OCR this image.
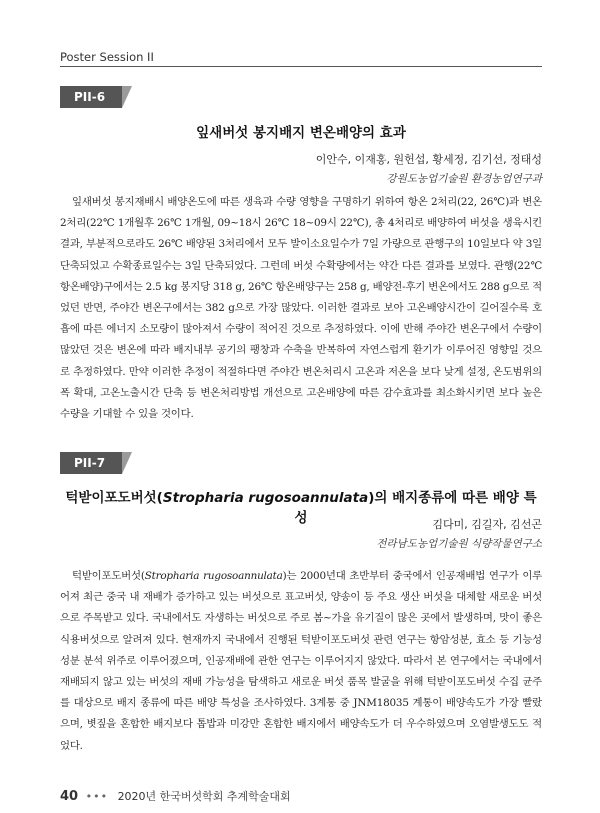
Poster Session II
PII-6
잎새버섯 봉지배지 변온배양의 효과
이안수, 이재홍, 원헌섭, 황세정, 김기선, 정태성
강원도농업기술원 환경농업연구과

잎새버섯 봉지재배시 배양온도에 따른 생육과 수량 영향을 구명하기 위하여 항온 2처리(22, 26℃)과 변온 2처리(22℃ 1개월후 26℃ 1개월, 09~18시 26℃ 18~09시 22℃), 총 4처리로 배양하여 버섯을 생육시킨 결과, 부분적으로라도 26℃ 배양된 3처리에서 모두 발이소요일수가 7일 가량으로 관행구의 10일보다 약 3일 단축되었고 수확종료일수는 3일 단축되었다. 그런데 버섯 수확량에서는 약간 다른 결과를 보였다. 관행(22℃ 항온배양)구에서는 2.5 kg 봉지당 318 g, 26℃ 항온배양구는 258 g, 배양전-후기 변온에서도 288 g으로 적었던 반면, 주야간 변온구에서는 382 g으로 가장 많았다. 이러한 결과로 보아 고온배양시간이 길어질수록 호흡에 따른 에너지 소모량이 많아져서 수량이 적어진 것으로 추정하였다. 이에 반해 주야간 변온구에서 수량이 많았던 것은 변온에 따라 배지내부 공기의 팽창과 수축을 반복하여 자연스럽게 환기가 이루어진 영향일 것으로 추정하였다. 만약 이러한 추정이 적절하다면 주야간 변온처리시 고온과 저온을 보다 낮게 설정, 온도범위의 폭 확대, 고온노출시간 단축 등 변온처리방법 개선으로 고온배양에 따른 감수효과를 최소화시키면 보다 높은 수량을 기대할 수 있을 것이다.

PII-7
턱받이포도버섯(Stropharia rugosoannulata)의 배지종류에 따른 배양 특성	김다미, 김길자, 김선곤
전라남도농업기술원 식량작물연구소

턱받이포도버섯(Stropharia rugosoannulata)는 2000년대 초반부터 중국에서 인공재배법 연구가 이루어져 최근 중국 내 재배가 증가하고 있는 버섯으로 표고버섯, 양송이 등 주요 생산 버섯을 대체할 새로운 버섯으로 주목받고 있다. 국내에서도 자생하는 버섯으로 주로 봄~가을 유기질이 많은 곳에서 발생하며, 맛이 좋은 식용버섯으로 알려져 있다. 현재까지 국내에서 진행된 턱받이포도버섯 관련 연구는 항암성분, 효소 등 기능성 성분 분석 위주로 이루어졌으며, 인공재배에 관한 연구는 이루어지지 않았다. 따라서 본 연구에서는 국내에서 재배되지 않고 있는 버섯의 재배 가능성을 탐색하고 새로운 버섯 품목 발굴을 위해 턱받이포도버섯 수집 균주를 대상으로 배지 종류에 따른 배양 특성을 조사하였다. 3계통 중 JNM18035 계통이 배양속도가 가장 빨랐으며, 볏짚을 혼합한 배지보다 톱밥과 미강만 혼합한 배지에서 배양속도가 더 우수하였으며 오염발생도도 적었다.

40 ••• 2020년 한국버섯학회 추계학술대회
